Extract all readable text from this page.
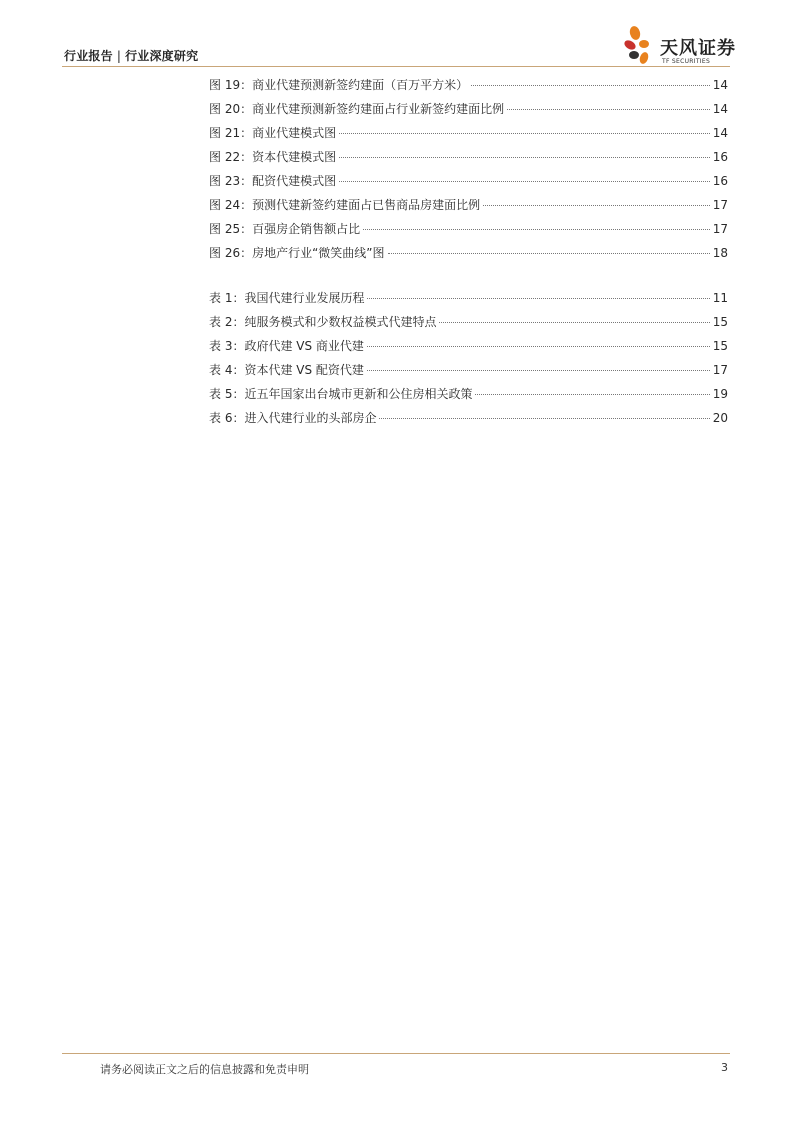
行业报告 | 行业深度研究	天风证券
TF SECURITIES
图 19： 商业代建预测新签约建面（百万平方米）	14
图 20： 商业代建预测新签约建面占行业新签约建面比例	14
图 21： 商业代建模式图	14
图 22： 资本代建模式图	16
图 23： 配资代建模式图	16
图 24： 预测代建新签约建面占已售商品房建面比例	17
图 25： 百强房企销售额占比	17
图 26： 房地产行业“微笑曲线”图	18
表 1： 我国代建行业发展历程	11
表 2： 纯服务模式和少数权益模式代建特点	15
表 3： 政府代建 VS 商业代建	15
表 4： 资本代建 VS 配资代建	17
表 5： 近五年国家出台城市更新和公住房相关政策	19
表 6： 进入代建行业的头部房企	20
请务必阅读正文之后的信息披露和免责申明	3
